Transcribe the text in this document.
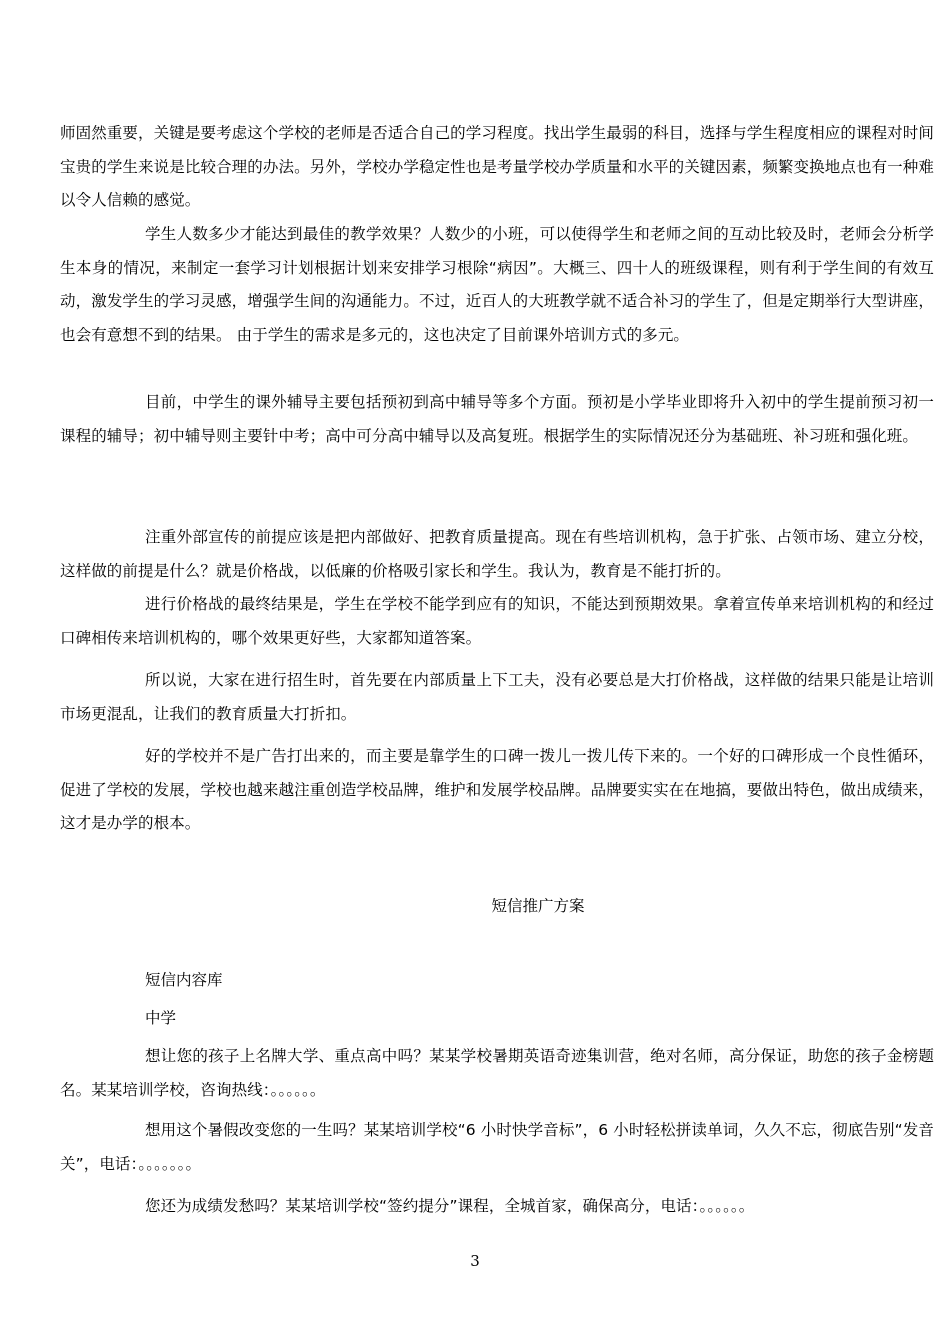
师固然重要，关键是要考虑这个学校的老师是否适合自己的学习程度。找出学生最弱的科目，选择与学生程度相应的课程对时间宝贵的学生来说是比较合理的办法。另外，学校办学稳定性也是考量学校办学质量和水平的关键因素，频繁变换地点也有一种难以令人信赖的感觉。

学生人数多少才能达到最佳的教学效果？人数少的小班，可以使得学生和老师之间的互动比较及时，老师会分析学生本身的情况，来制定一套学习计划根据计划来安排学习根除“病因”。大概三、四十人的班级课程，则有利于学生间的有效互动，激发学生的学习灵感，增强学生间的沟通能力。不过，近百人的大班教学就不适合补习的学生了，但是定期举行大型讲座，也会有意想不到的结果。 由于学生的需求是多元的，这也决定了目前课外培训方式的多元。

目前，中学生的课外辅导主要包括预初到高中辅导等多个方面。预初是小学毕业即将升入初中的学生提前预习初一课程的辅导；初中辅导则主要针中考；高中可分高中辅导以及高复班。根据学生的实际情况还分为基础班、补习班和强化班。

注重外部宣传的前提应该是把内部做好、把教育质量提高。现在有些培训机构，急于扩张、占领市场、建立分校，这样做的前提是什么？就是价格战，以低廉的价格吸引家长和学生。我认为，教育是不能打折的。

进行价格战的最终结果是，学生在学校不能学到应有的知识，不能达到预期效果。拿着宣传单来培训机构的和经过口碑相传来培训机构的，哪个效果更好些，大家都知道答案。

所以说，大家在进行招生时，首先要在内部质量上下工夫，没有必要总是大打价格战，这样做的结果只能是让培训市场更混乱，让我们的教育质量大打折扣。

好的学校并不是广告打出来的，而主要是靠学生的口碑一拨儿一拨儿传下来的。一个好的口碑形成一个良性循环，促进了学校的发展，学校也越来越注重创造学校品牌，维护和发展学校品牌。品牌要实实在在地搞，要做出特色，做出成绩来，这才是办学的根本。

短信推广方案

短信内容库

中学

想让您的孩子上名牌大学、重点高中吗？某某学校暑期英语奇迹集训营，绝对名师，高分保证，助您的孩子金榜题名。某某培训学校，咨询热线：。。。。。。

想用这个暑假改变您的一生吗？某某培训学校“6 小时快学音标”，6 小时轻松拼读单词，久久不忘，彻底告别“发音关”，电话：。。。。。。。

您还为成绩发愁吗？某某培训学校“签约提分”课程，全城首家，确保高分，电话：。。。。。。

3
